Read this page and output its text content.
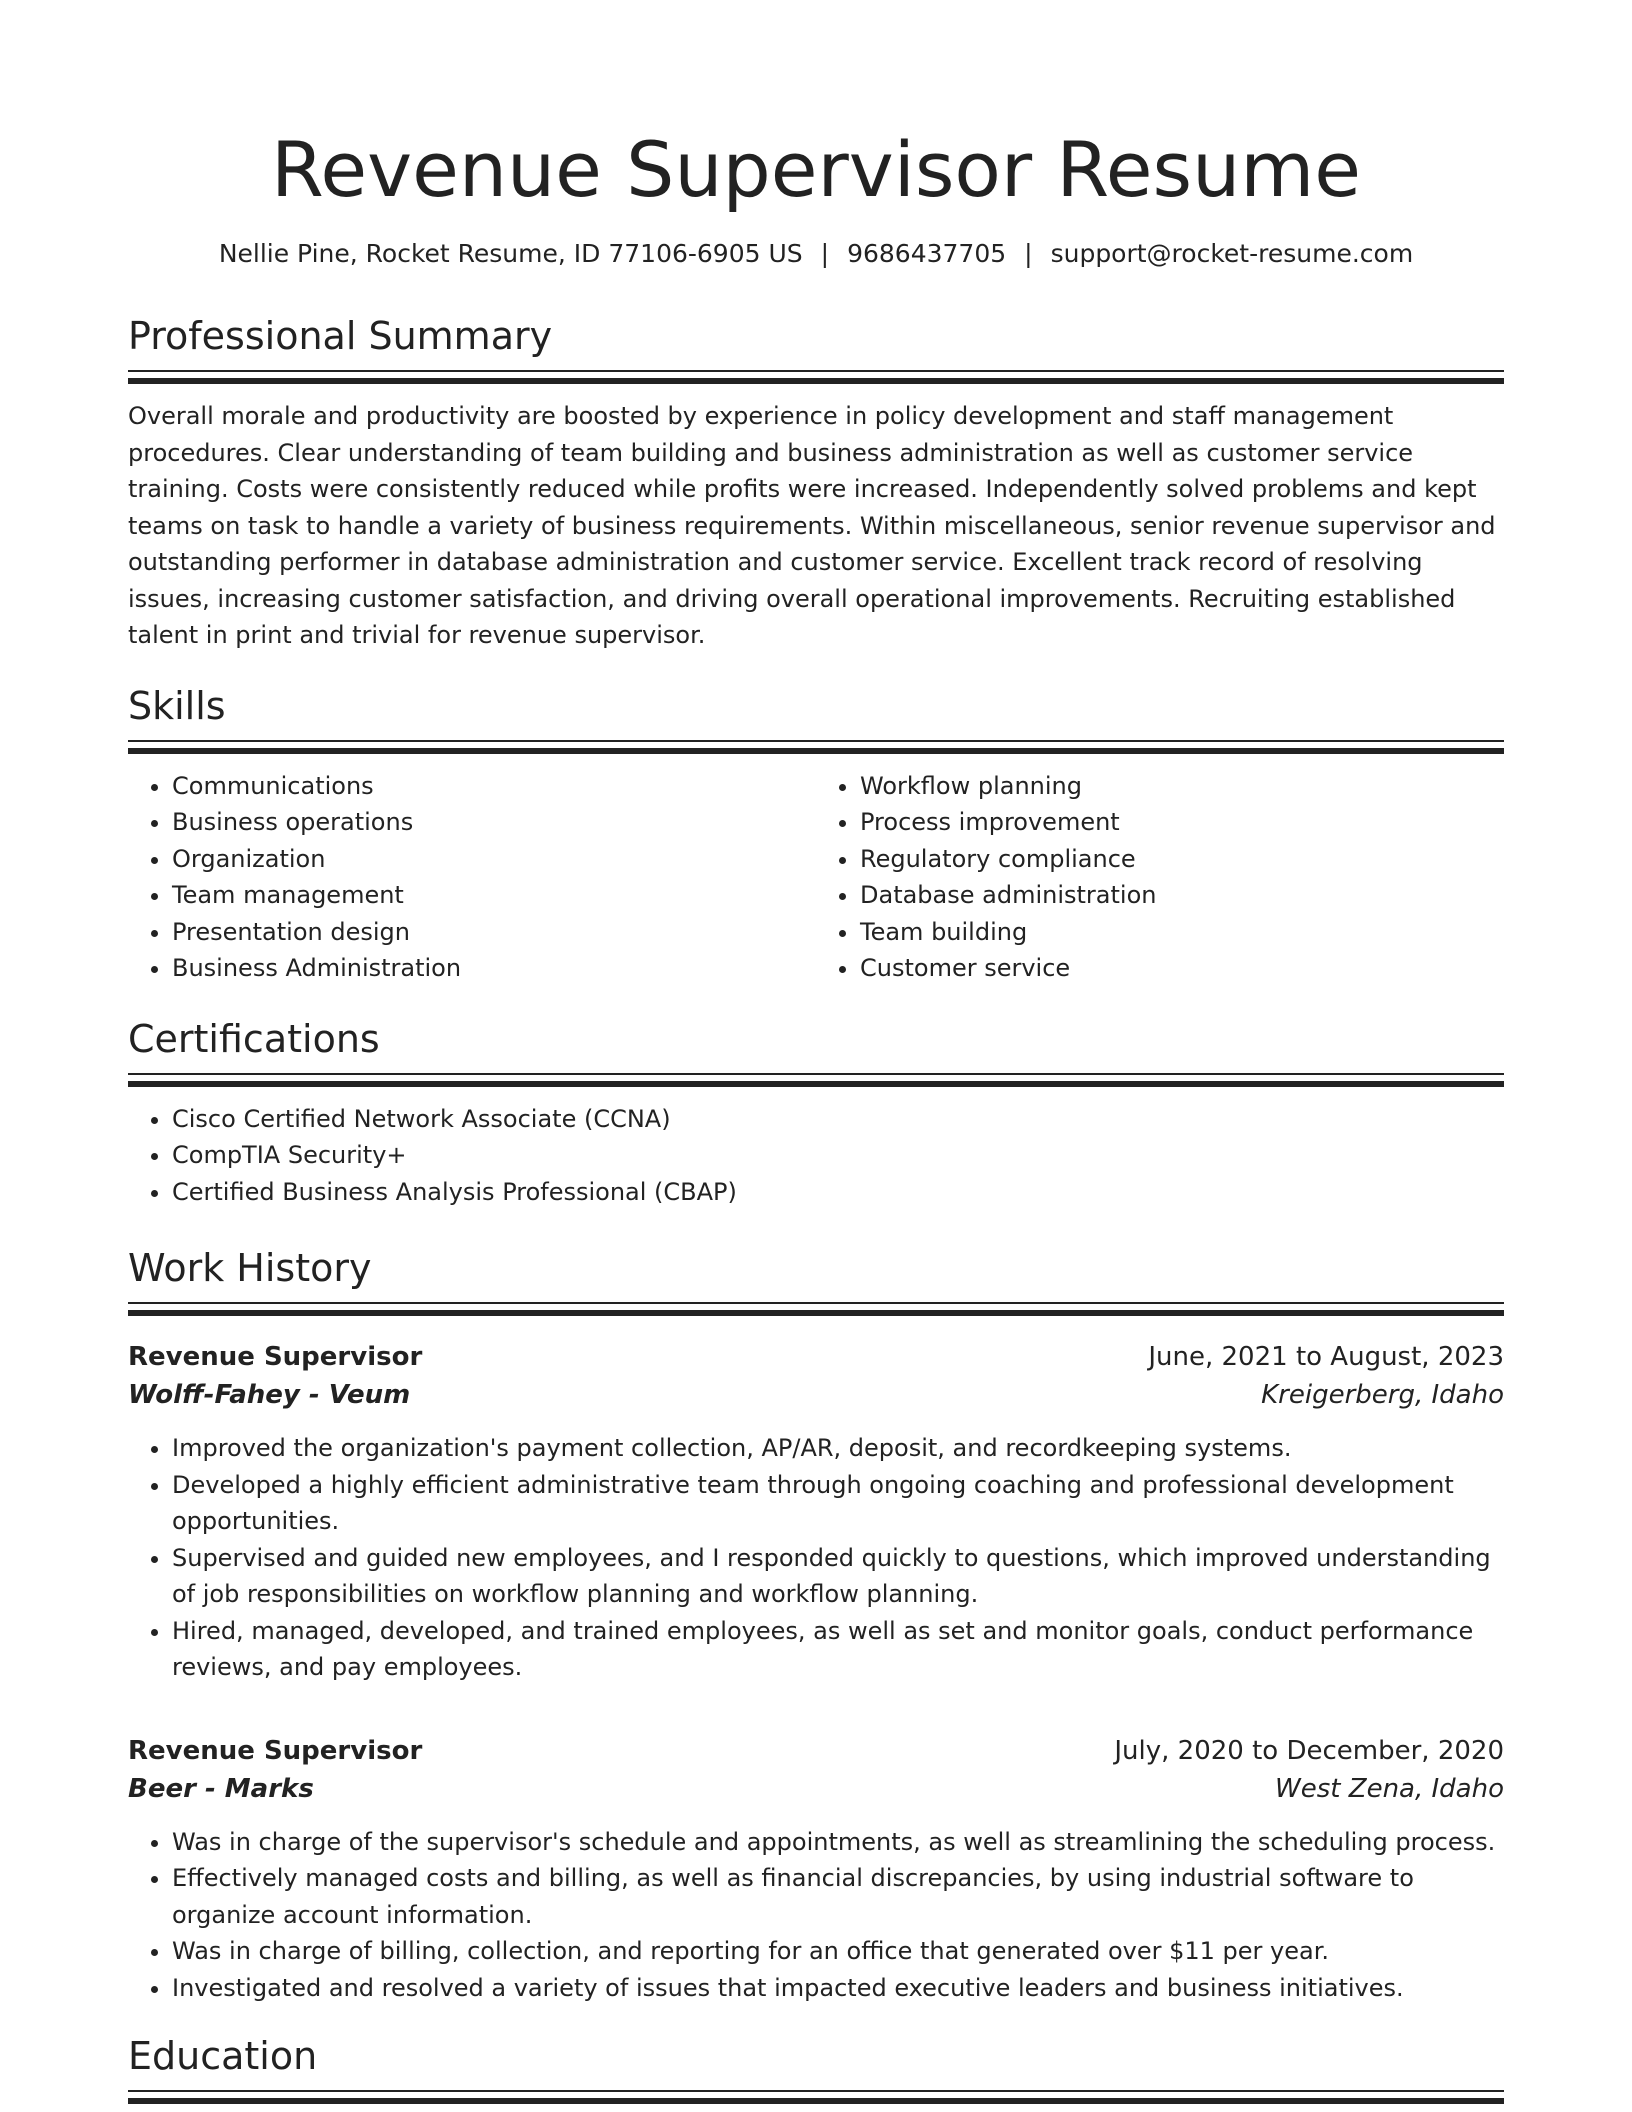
Revenue Supervisor Resume
Nellie Pine, Rocket Resume, ID 77106-6905 US | 9686437705 | support@rocket-resume.com
Professional Summary

Overall morale and productivity are boosted by experience in policy development and staff management procedures. Clear understanding of team building and business administration as well as customer service training. Costs were consistently reduced while profits were increased. Independently solved problems and kept teams on task to handle a variety of business requirements. Within miscellaneous, senior revenue supervisor and outstanding performer in database administration and customer service. Excellent track record of resolving issues, increasing customer satisfaction, and driving overall operational improvements. Recruiting established talent in print and trivial for revenue supervisor.

Skills
• Communications
• Business operations
• Organization
• Team management
• Presentation design
• Business Administration
• Workflow planning
• Process improvement
• Regulatory compliance
• Database administration
• Team building
• Customer service
Certifications
• Cisco Certified Network Associate (CCNA)
• CompTIA Security+
• Certified Business Analysis Professional (CBAP)
Work History
Revenue Supervisor	June, 2021 to August, 2023
Wolff-Fahey - Veum	Kreigerberg, Idaho
• Improved the organization's payment collection, AP/AR, deposit, and recordkeeping systems.
• Developed a highly efficient administrative team through ongoing coaching and professional development opportunities.
• Supervised and guided new employees, and I responded quickly to questions, which improved understanding of job responsibilities on workflow planning and workflow planning.
• Hired, managed, developed, and trained employees, as well as set and monitor goals, conduct performance reviews, and pay employees.
Revenue Supervisor	July, 2020 to December, 2020
Beer - Marks	West Zena, Idaho
• Was in charge of the supervisor's schedule and appointments, as well as streamlining the scheduling process.
• Effectively managed costs and billing, as well as financial discrepancies, by using industrial software to organize account information.
• Was in charge of billing, collection, and reporting for an office that generated over $11 per year.
• Investigated and resolved a variety of issues that impacted executive leaders and business initiatives.
Education
